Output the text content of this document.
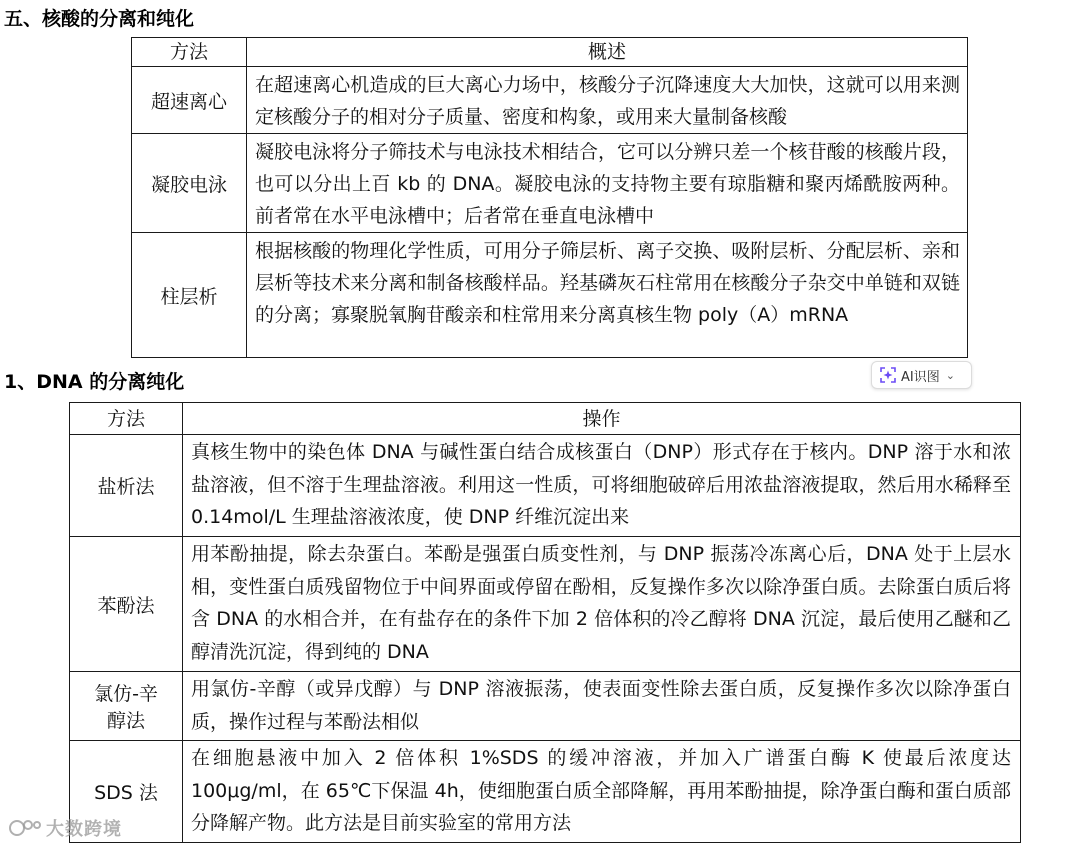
五、核酸的分离和纯化
方法	概述
超速离心	在超速离心机造成的巨大离心力场中，核酸分子沉降速度大大加快，这就可以用来测定核酸分子的相对分子质量、密度和构象，或用来大量制备核酸
凝胶电泳	凝胶电泳将分子筛技术与电泳技术相结合，它可以分辨只差一个核苷酸的核酸片段，也可以分出上百 kb 的 DNA。凝胶电泳的支持物主要有琼脂糖和聚丙烯酰胺两种。前者常在水平电泳槽中；后者常在垂直电泳槽中
柱层析	根据核酸的物理化学性质，可用分子筛层析、离子交换、吸附层析、分配层析、亲和层析等技术来分离和制备核酸样品。羟基磷灰石柱常用在核酸分子杂交中单链和双链的分离；寡聚脱氧胸苷酸亲和柱常用来分离真核生物 poly（A）mRNA
AI识图 ⌄
1、DNA 的分离纯化
方法	操作
盐析法	真核生物中的染色体 DNA 与碱性蛋白结合成核蛋白（DNP）形式存在于核内。DNP 溶于水和浓盐溶液，但不溶于生理盐溶液。利用这一性质，可将细胞破碎后用浓盐溶液提取，然后用水稀释至 0.14mol/L 生理盐溶液浓度，使 DNP 纤维沉淀出来
苯酚法	用苯酚抽提，除去杂蛋白。苯酚是强蛋白质变性剂，与 DNP 振荡冷冻离心后，DNA 处于上层水相，变性蛋白质残留物位于中间界面或停留在酚相，反复操作多次以除净蛋白质。去除蛋白质后将含 DNA 的水相合并，在有盐存在的条件下加 2 倍体积的冷乙醇将 DNA 沉淀，最后使用乙醚和乙醇清洗沉淀，得到纯的 DNA
氯仿-辛醇法	用氯仿-辛醇（或异戊醇）与 DNP 溶液振荡，使表面变性除去蛋白质，反复操作多次以除净蛋白质，操作过程与苯酚法相似
SDS 法	在细胞悬液中加入 2 倍体积 1%SDS 的缓冲溶液，并加入广谱蛋白酶 K 使最后浓度达 100μg/ml，在 65℃下保温 4h，使细胞蛋白质全部降解，再用苯酚抽提，除净蛋白酶和蛋白质部分降解产物。此方法是目前实验室的常用方法
大数跨境
